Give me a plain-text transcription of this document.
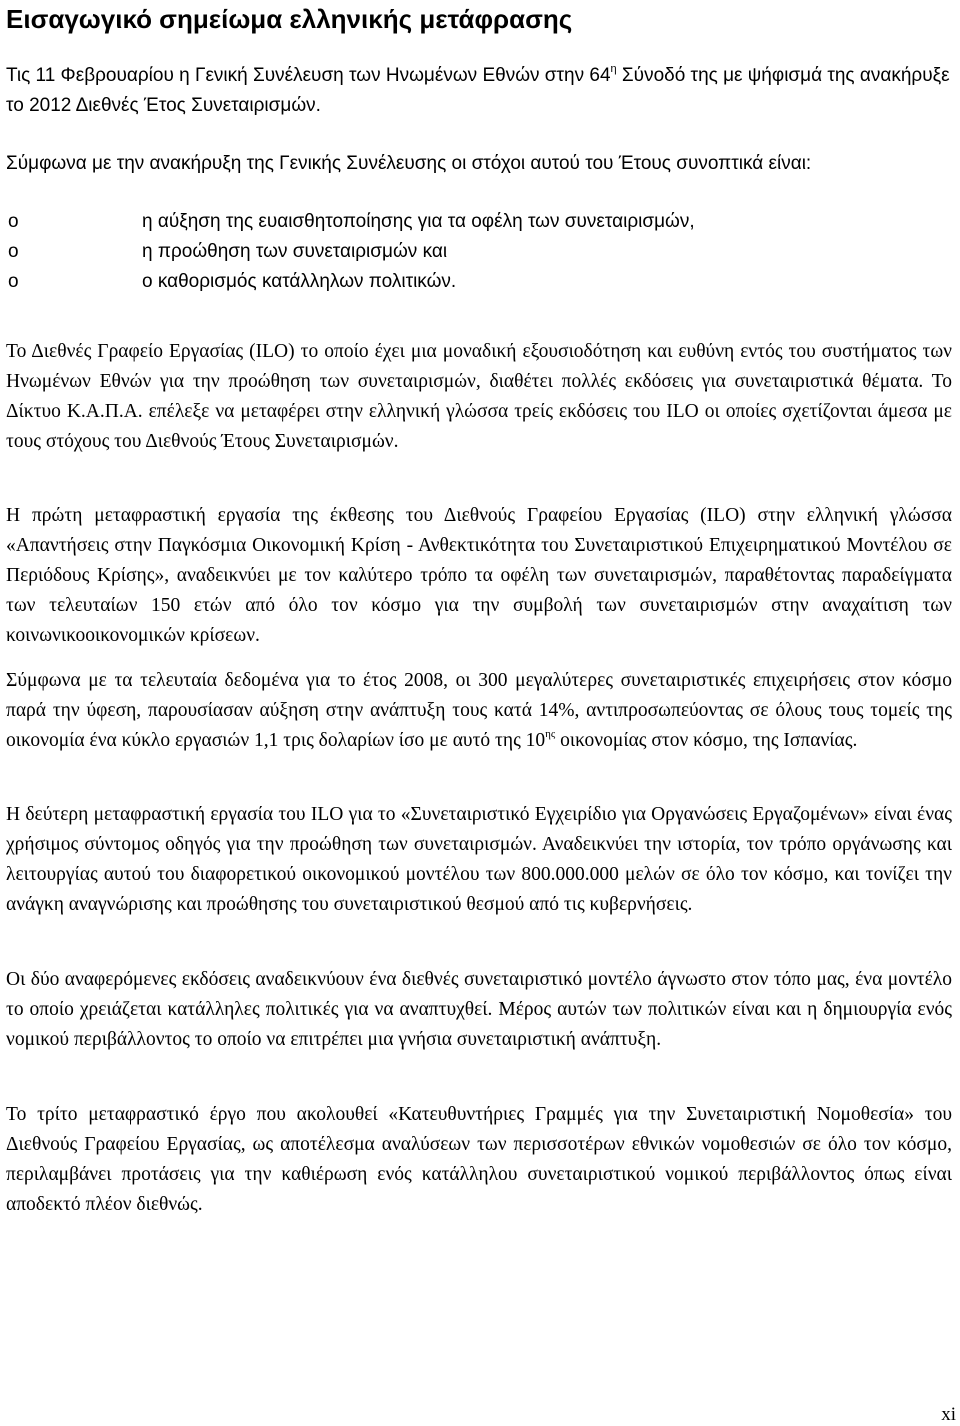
Εισαγωγικό σημείωμα ελληνικής μετάφρασης

Τις 11 Φεβρουαρίου η Γενική Συνέλευση των Ηνωμένων Εθνών στην $64^\eta$ Σύνοδό της με ψήφισμά της ανακήρυξε το 2012 Διεθνές Έτος Συνεταιρισμών.

Σύμφωνα με την ανακήρυξη της Γενικής Συνέλευσης οι στόχοι αυτού του Έτους συνοπτικά είναι:

o	η αύξηση της ευαισθητοποίησης για τα οφέλη των συνεταιρισμών,
o	η προώθηση των συνεταιρισμών και
o	ο καθορισμός κατάλληλων πολιτικών.

Το Διεθνές Γραφείο Εργασίας (ILO) το οποίο έχει μια μοναδική εξουσιοδότηση και ευθύνη εντός του συστήματος των Ηνωμένων Εθνών για την προώθηση των συνεταιρισμών, διαθέτει πολλές εκδόσεις για συνεταιριστικά θέματα. Το Δίκτυο Κ.Α.Π.Α. επέλεξε να μεταφέρει στην ελληνική γλώσσα τρείς εκδόσεις του ILO οι οποίες σχετίζονται άμεσα με τους στόχους του Διεθνούς Έτους Συνεταιρισμών.

Η πρώτη μεταφραστική εργασία της έκθεσης του Διεθνούς Γραφείου Εργασίας (ILO) στην ελληνική γλώσσα «Απαντήσεις στην Παγκόσμια Οικονομική Κρίση - Ανθεκτικότητα του Συνεταιριστικού Επιχειρηματικού Μοντέλου σε Περιόδους Κρίσης», αναδεικνύει με τον καλύτερο τρόπο τα οφέλη των συνεταιρισμών, παραθέτοντας παραδείγματα των τελευταίων 150 ετών από όλο τον κόσμο για την συμβολή των συνεταιρισμών στην αναχαίτιση των κοινωνικοοικονομικών κρίσεων.

Σύμφωνα με τα τελευταία δεδομένα για το έτος 2008, οι 300 μεγαλύτερες συνεταιριστικές επιχειρήσεις στον κόσμο παρά την ύφεση, παρουσίασαν αύξηση στην ανάπτυξη τους κατά 14%, αντιπροσωπεύοντας σε όλους τους τομείς της οικονομία ένα κύκλο εργασιών 1,1 τρις δολαρίων ίσο με αυτό της $10^{\eta\varsigma}$ οικονομίας στον κόσμο, της Ισπανίας.

Η δεύτερη μεταφραστική εργασία του ILO για το «Συνεταιριστικό Εγχειρίδιο για Οργανώσεις Εργαζομένων» είναι ένας χρήσιμος σύντομος οδηγός για την προώθηση των συνεταιρισμών. Αναδεικνύει την ιστορία, τον τρόπο οργάνωσης και λειτουργίας αυτού του διαφορετικού οικονομικού μοντέλου των 800.000.000 μελών σε όλο τον κόσμο, και τονίζει την ανάγκη αναγνώρισης και προώθησης του συνεταιριστικού θεσμού από τις κυβερνήσεις.

Οι δύο αναφερόμενες εκδόσεις αναδεικνύουν ένα διεθνές συνεταιριστικό μοντέλο άγνωστο στον τόπο μας, ένα μοντέλο το οποίο χρειάζεται κατάλληλες πολιτικές για να αναπτυχθεί. Μέρος αυτών των πολιτικών είναι και η δημιουργία ενός νομικού περιβάλλοντος το οποίο να επιτρέπει μια γνήσια συνεταιριστική ανάπτυξη.

Το τρίτο μεταφραστικό έργο που ακολουθεί «Κατευθυντήριες Γραμμές για την Συνεταιριστική Νομοθεσία» του Διεθνούς Γραφείου Εργασίας, ως αποτέλεσμα αναλύσεων των περισσοτέρων εθνικών νομοθεσιών σε όλο τον κόσμο, περιλαμβάνει προτάσεις για την καθιέρωση ενός κατάλληλου συνεταιριστικού νομικού περιβάλλοντος όπως είναι αποδεκτό πλέον διεθνώς.

xi
